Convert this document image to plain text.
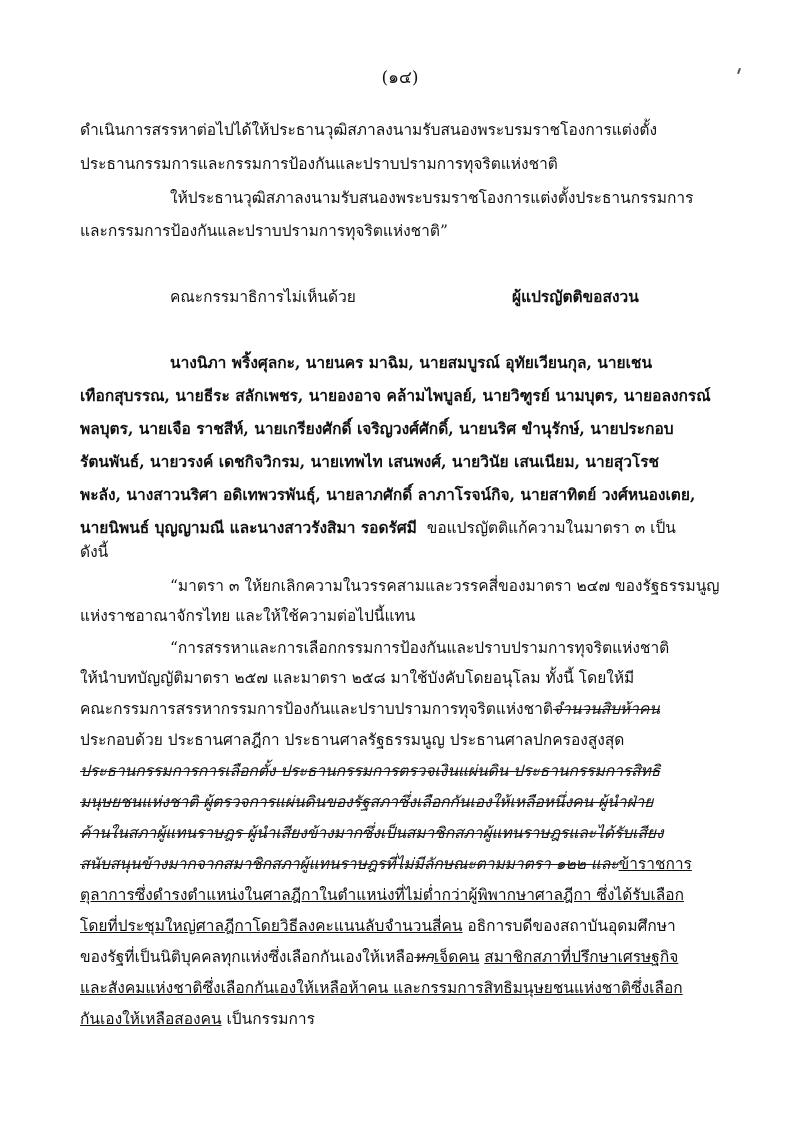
(๑๔)
ดำเนินการสรรหาต่อไปได้ให้ประธานวุฒิสภาลงนามรับสนองพระบรมราชโองการแต่งตั้ง
ประธานกรรมการและกรรมการป้องกันและปราบปรามการทุจริตแห่งชาติ
ให้ประธานวุฒิสภาลงนามรับสนองพระบรมราชโองการแต่งตั้งประธานกรรมการ
และกรรมการป้องกันและปราบปรามการทุจริตแห่งชาติ”
คณะกรรมาธิการไม่เห็นด้วย	ผู้แปรญัตติขอสงวน
นางนิภา พริ้งศุลกะ, นายนคร มาฉิม, นายสมบูรณ์ อุทัยเวียนกุล, นายเชน
เทือกสุบรรณ, นายธีระ สลักเพชร, นายองอาจ คล้ามไพบูลย์, นายวิฑูรย์ นามบุตร, นายอลงกรณ์
พลบุตร, นายเจือ ราชสีห์, นายเกรียงศักดิ์ เจริญวงศ์ศักดิ์, นายนริศ ขำนุรักษ์, นายประกอบ
รัตนพันธ์, นายวรงค์ เดชกิจวิกรม, นายเทพไท เสนพงศ์, นายวินัย เสนเนียม, นายสุวโรช
พะลัง, นางสาวนริศา อดิเทพวรพันธุ์, นายลาภศักดิ์ ลาภาโรจน์กิจ, นายสาทิตย์ วงศ์หนองเตย,
นายนิพนธ์ บุญญามณี และนางสาวรังสิมา รอดรัศมี ขอแปรญัตติแก้ความในมาตรา ๓ เป็น
ดังนี้
“มาตรา ๓ ให้ยกเลิกความในวรรคสามและวรรคสี่ของมาตรา ๒๔๗ ของรัฐธรรมนูญ
แห่งราชอาณาจักรไทย และให้ใช้ความต่อไปนี้แทน
“การสรรหาและการเลือกกรรมการป้องกันและปราบปรามการทุจริตแห่งชาติ
ให้นำบทบัญญัติมาตรา ๒๕๗ และมาตรา ๒๕๘ มาใช้บังคับโดยอนุโลม ทั้งนี้ โดยให้มี
คณะกรรมการสรรหากรรมการป้องกันและปราบปรามการทุจริตแห่งชาติจำนวนสิบห้าคน
ประกอบด้วย ประธานศาลฎีกา ประธานศาลรัฐธรรมนูญ ประธานศาลปกครองสูงสุด
ประธานกรรมการการเลือกตั้ง ประธานกรรมการตรวจเงินแผ่นดิน ประธานกรรมการสิทธิ
มนุษยชนแห่งชาติ ผู้ตรวจการแผ่นดินของรัฐสภาซึ่งเลือกกันเองให้เหลือหนึ่งคน ผู้นำฝ่าย
ค้านในสภาผู้แทนราษฎร ผู้นำเสียงข้างมากซึ่งเป็นสมาชิกสภาผู้แทนราษฎรและได้รับเสียง
สนับสนุนข้างมากจากสมาชิกสภาผู้แทนราษฎรที่ไม่มีลักษณะตามมาตรา ๑๒๒ และข้าราชการ
ตุลาการซึ่งดำรงตำแหน่งในศาลฎีกาในตำแหน่งที่ไม่ต่ำกว่าผู้พิพากษาศาลฎีกา ซึ่งได้รับเลือก
โดยที่ประชุมใหญ่ศาลฎีกาโดยวิธีลงคะแนนลับจำนวนสี่คน อธิการบดีของสถาบันอุดมศึกษา
ของรัฐที่เป็นนิติบุคคลทุกแห่งซึ่งเลือกกันเองให้เหลือหกเจ็ดคน สมาชิกสภาที่ปรึกษาเศรษฐกิจ
และสังคมแห่งชาติซึ่งเลือกกันเองให้เหลือห้าคน และกรรมการสิทธิมนุษยชนแห่งชาติซึ่งเลือก
กันเองให้เหลือสองคน เป็นกรรมการ
